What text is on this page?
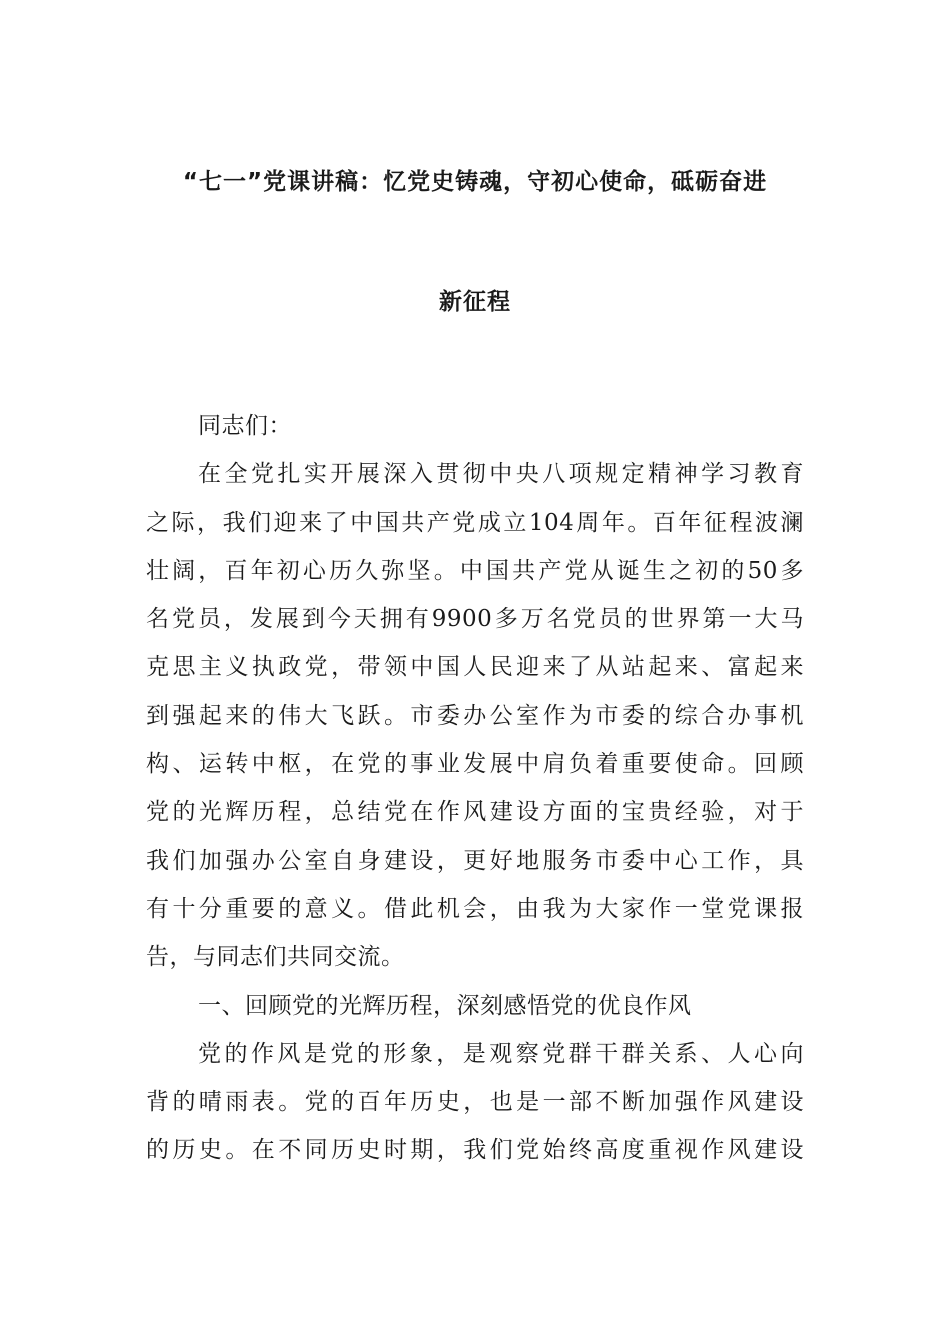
“七一”党课讲稿：忆党史铸魂，守初心使命，砥砺奋进
新征程

同志们：

在全党扎实开展深入贯彻中央八项规定精神学习教育
之际，我们迎来了中国共产党成立104周年。百年征程波澜
壮阔，百年初心历久弥坚。中国共产党从诞生之初的50多
名党员，发展到今天拥有9900多万名党员的世界第一大马
克思主义执政党，带领中国人民迎来了从站起来、富起来
到强起来的伟大飞跃。市委办公室作为市委的综合办事机
构、运转中枢，在党的事业发展中肩负着重要使命。回顾
党的光辉历程，总结党在作风建设方面的宝贵经验，对于
我们加强办公室自身建设，更好地服务市委中心工作，具
有十分重要的意义。借此机会，由我为大家作一堂党课报
告，与同志们共同交流。

一、回顾党的光辉历程，深刻感悟党的优良作风

党的作风是党的形象，是观察党群干群关系、人心向
背的晴雨表。党的百年历史，也是一部不断加强作风建设
的历史。在不同历史时期，我们党始终高度重视作风建设
